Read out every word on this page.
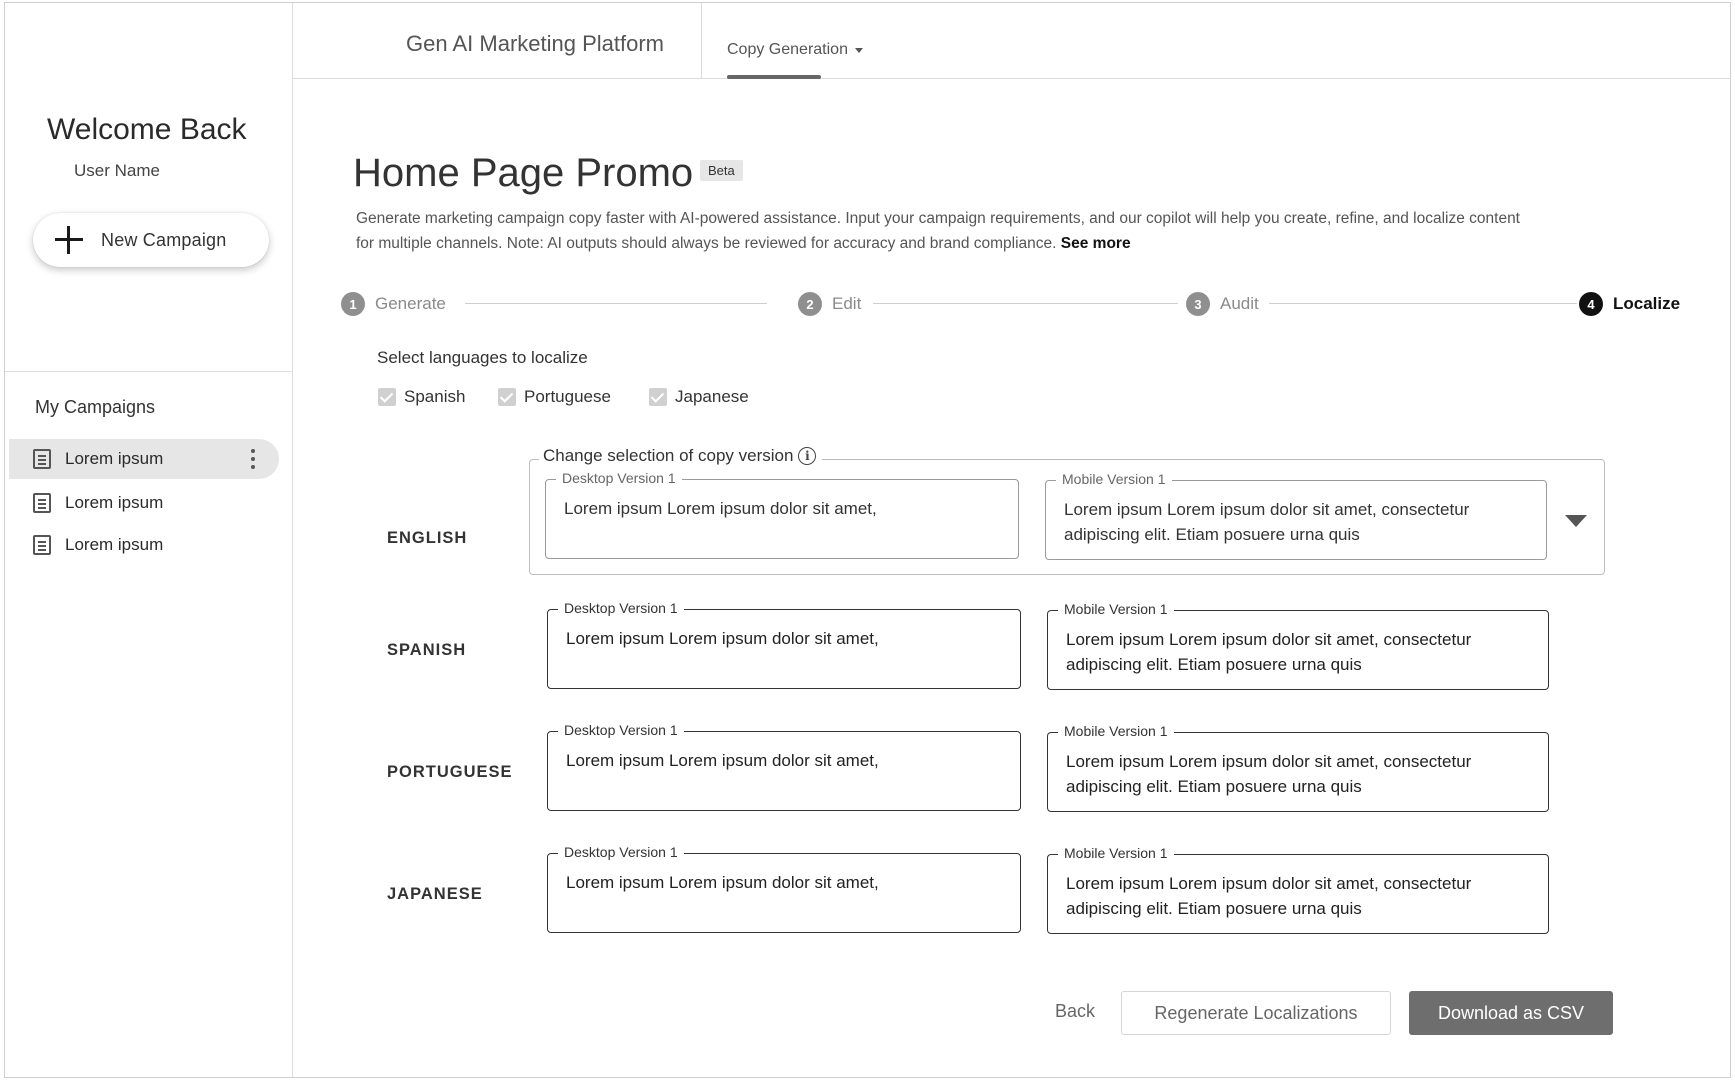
Welcome Back
User Name
New Campaign
My Campaigns
Lorem ipsum
Lorem ipsum
Lorem ipsum
Gen AI Marketing Platform	Copy Generation
Home Page Promo	Beta
Generate marketing campaign copy faster with AI-powered assistance. Input your campaign requirements, and our copilot will help you create, refine, and localize content for multiple channels. Note: AI outputs should always be reviewed for accuracy and brand compliance. See more
1	Generate	2	Edit	3	Audit	4	Localize
Select languages to localize
Spanish	Portuguese	Japanese
Change selection of copy version i
ENGLISH
Desktop Version 1
Lorem ipsum Lorem ipsum dolor sit amet,
Mobile Version 1
Lorem ipsum Lorem ipsum dolor sit amet, consectetur adipiscing elit. Etiam posuere urna quis
SPANISH
Desktop Version 1
Lorem ipsum Lorem ipsum dolor sit amet,
Mobile Version 1
Lorem ipsum Lorem ipsum dolor sit amet, consectetur adipiscing elit. Etiam posuere urna quis
PORTUGUESE
Desktop Version 1
Lorem ipsum Lorem ipsum dolor sit amet,
Mobile Version 1
Lorem ipsum Lorem ipsum dolor sit amet, consectetur adipiscing elit. Etiam posuere urna quis
JAPANESE
Desktop Version 1
Lorem ipsum Lorem ipsum dolor sit amet,
Mobile Version 1
Lorem ipsum Lorem ipsum dolor sit amet, consectetur adipiscing elit. Etiam posuere urna quis
Back	Regenerate Localizations	Download as CSV
